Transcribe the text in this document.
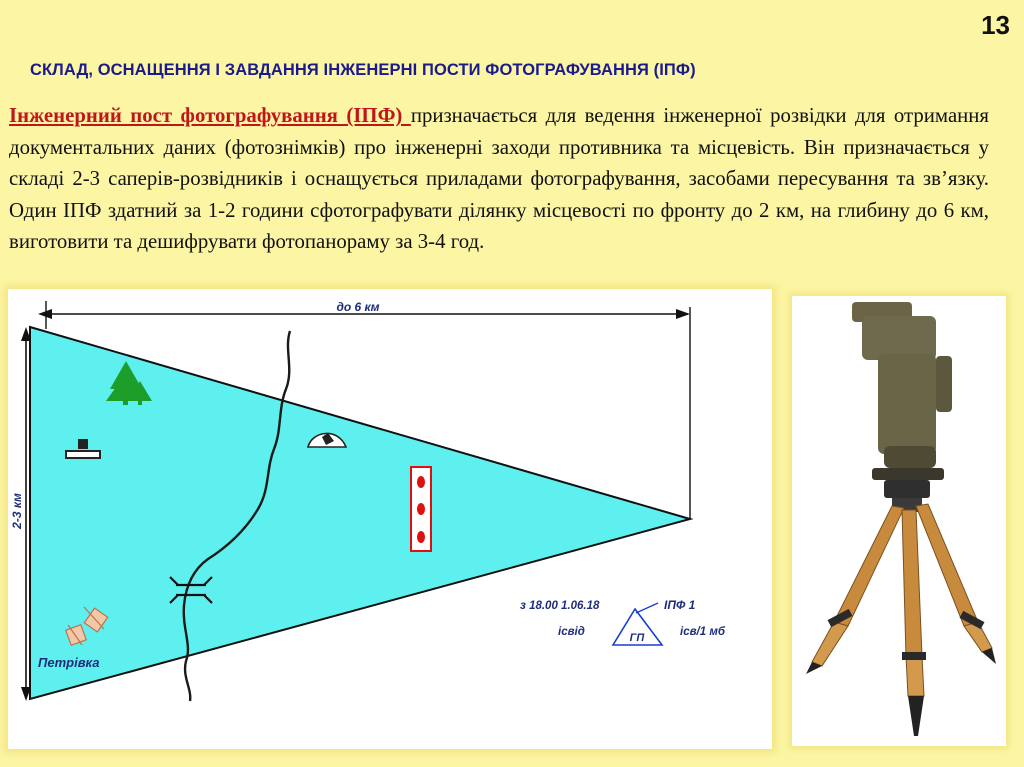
13
СКЛАД, ОСНАЩЕННЯ І ЗАВДАННЯ ІНЖЕНЕРНІ ПОСТИ ФОТОГРАФУВАННЯ (ІПФ)
Інженерний пост фотографування (ІПФ) призначається для ведення інженерної розвідки для отримання документальних даних (фотознімків) про інженерні заходи противника та місцевість. Він призначається у складі 2-3 саперів-розвідників і оснащується приладами фотографування, засобами пересування та зв’язку. Один ІПФ здатний за 1-2 години сфотографувати ділянку місцевості по фронту до 2 км, на глибину до 6 км, виготовити та дешифрувати фотопанораму за 3-4 год.
до 6 км
2-3 км
Петрівка
з 18.00 1.06.18
ісвід
ІПФ 1
ісв/1 мб
ГП
